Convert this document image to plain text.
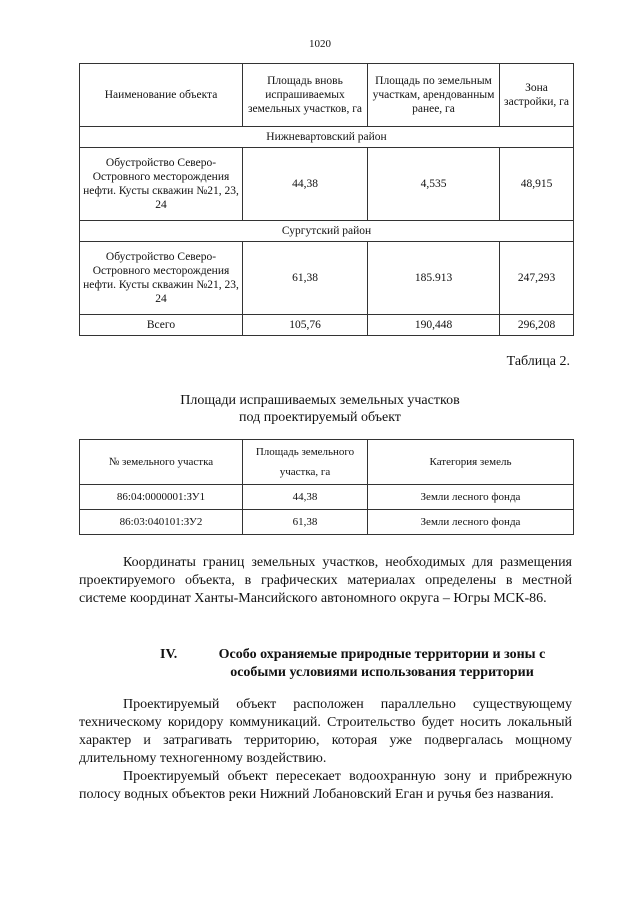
1020
Наименование объекта	Площадь вновь испрашиваемых земельных участков, га	Площадь по земельным участкам, арендованным ранее, га	Зона застройки, га
Нижневартовский район			
Обустройство Северо-Островного месторождения нефти. Кусты скважин №21, 23, 24	44,38	4,535	48,915
Сургутский район			
Обустройство Северо-Островного месторождения нефти. Кусты скважин №21, 23, 24	61,38	185.913	247,293
Всего	105,76	190,448	296,208
Таблица 2.
Площади испрашиваемых земельных участков
под проектируемый объект
№ земельного участка	Площадь земельного участка, га	Категория земель
86:04:0000001:ЗУ1	44,38	Земли лесного фонда
86:03:040101:ЗУ2	61,38	Земли лесного фонда

Координаты границ земельных участков, необходимых для размещения проектируемого объекта, в графических материалах определены в местной системе координат Ханты-Мансийского автономного округа – Югры МСК-86.

IV.	Особо охраняемые природные территории и зоны с
особыми условиями использования территории

Проектируемый объект расположен параллельно существующему техническому коридору коммуникаций. Строительство будет носить локальный характер и затрагивать территорию, которая уже подвергалась мощному длительному техногенному воздействию.

Проектируемый объект пересекает водоохранную зону и прибрежную полосу водных объектов реки Нижний Лобановский Еган и ручья без названия.
